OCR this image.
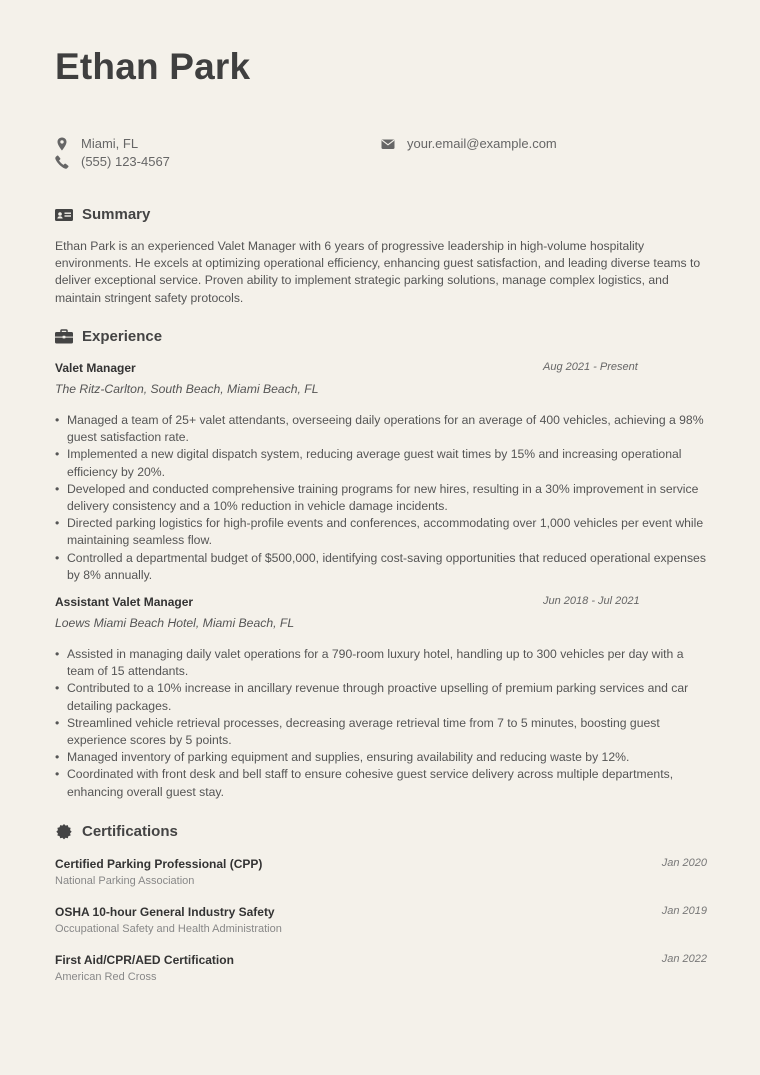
Ethan Park
Miami, FL
(555) 123-4567
your.email@example.com
Summary

Ethan Park is an experienced Valet Manager with 6 years of progressive leadership in high-volume hospitality environments. He excels at optimizing operational efficiency, enhancing guest satisfaction, and leading diverse teams to deliver exceptional service. Proven ability to implement strategic parking solutions, manage complex logistics, and maintain stringent safety protocols.

Experience
Valet Manager	Aug 2021 - Present
The Ritz-Carlton, South Beach, Miami Beach, FL
• Managed a team of 25+ valet attendants, overseeing daily operations for an average of 400 vehicles, achieving a 98% guest satisfaction rate.
• Implemented a new digital dispatch system, reducing average guest wait times by 15% and increasing operational efficiency by 20%.
• Developed and conducted comprehensive training programs for new hires, resulting in a 30% improvement in service delivery consistency and a 10% reduction in vehicle damage incidents.
• Directed parking logistics for high-profile events and conferences, accommodating over 1,000 vehicles per event while maintaining seamless flow.
• Controlled a departmental budget of $500,000, identifying cost-saving opportunities that reduced operational expenses by 8% annually.
Assistant Valet Manager	Jun 2018 - Jul 2021
Loews Miami Beach Hotel, Miami Beach, FL
• Assisted in managing daily valet operations for a 790-room luxury hotel, handling up to 300 vehicles per day with a team of 15 attendants.
• Contributed to a 10% increase in ancillary revenue through proactive upselling of premium parking services and car detailing packages.
• Streamlined vehicle retrieval processes, decreasing average retrieval time from 7 to 5 minutes, boosting guest experience scores by 5 points.
• Managed inventory of parking equipment and supplies, ensuring availability and reducing waste by 12%.
• Coordinated with front desk and bell staff to ensure cohesive guest service delivery across multiple departments, enhancing overall guest stay.
Certifications
Certified Parking Professional (CPP)
National Parking Association
Jan 2020
OSHA 10-hour General Industry Safety
Occupational Safety and Health Administration
Jan 2019
First Aid/CPR/AED Certification
American Red Cross
Jan 2022
